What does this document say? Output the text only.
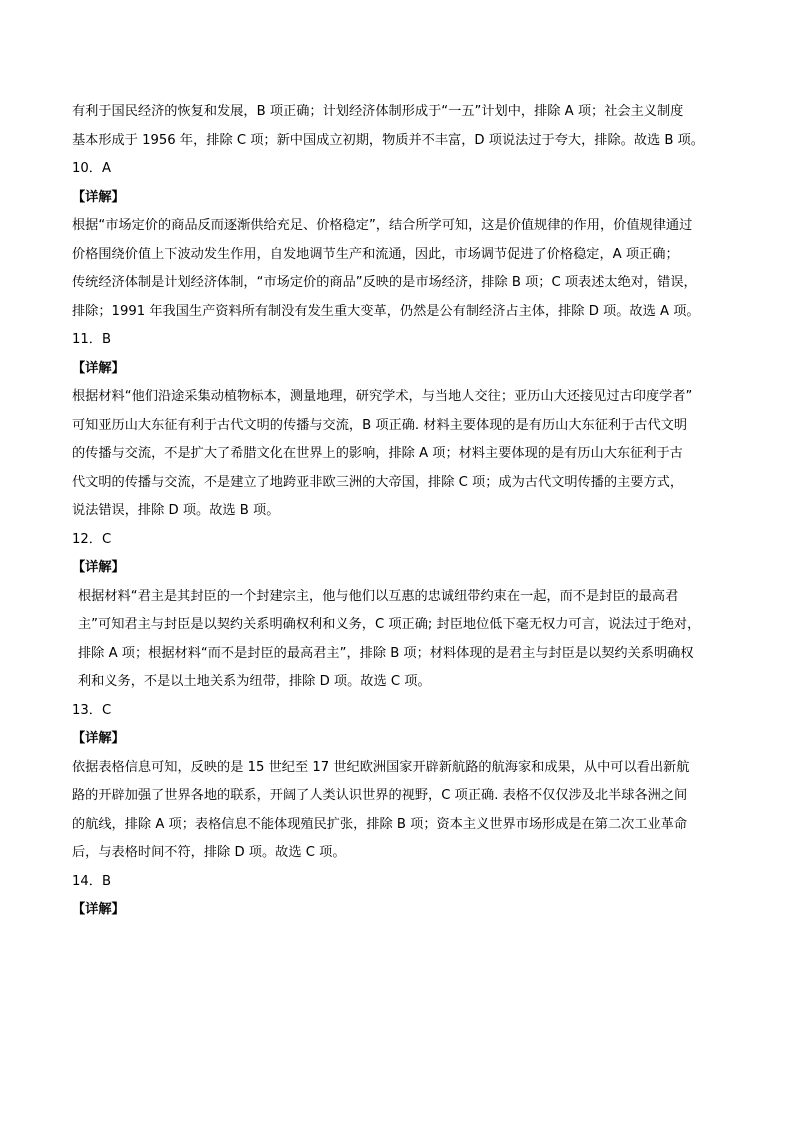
有利于国民经济的恢复和发展，B 项正确；计划经济体制形成于“一五”计划中，排除 A 项；社会主义制度
基本形成于 1956 年，排除 C 项；新中国成立初期，物质并不丰富，D 项说法过于夸大，排除。故选 B 项。
10．A
【详解】
根据“市场定价的商品反而逐渐供给充足、价格稳定”，结合所学可知，这是价值规律的作用，价值规律通过
价格围绕价值上下波动发生作用，自发地调节生产和流通，因此，市场调节促进了价格稳定，A 项正确；
传统经济体制是计划经济体制，“市场定价的商品”反映的是市场经济，排除 B 项；C 项表述太绝对，错误，
排除；1991 年我国生产资料所有制没有发生重大变革，仍然是公有制经济占主体，排除 D 项。故选 A 项。
11．B
【详解】
根据材料“他们沿途采集动植物标本，测量地理，研究学术，与当地人交往；亚历山大还接见过古印度学者”
可知亚历山大东征有利于古代文明的传播与交流，B 项正确. 材料主要体现的是有历山大东征利于古代文明
的传播与交流，不是扩大了希腊文化在世界上的影响，排除 A 项；材料主要体现的是有历山大东征利于古
代文明的传播与交流，不是建立了地跨亚非欧三洲的大帝国，排除 C 项；成为古代文明传播的主要方式，
说法错误，排除 D 项。故选 B 项。
12．C
【详解】
根据材料“君主是其封臣的一个封建宗主，他与他们以互惠的忠诚纽带约束在一起，而不是封臣的最高君
主”可知君主与封臣是以契约关系明确权利和义务，C 项正确; 封臣地位低下毫无权力可言，说法过于绝对，
排除 A 项；根据材料“而不是封臣的最高君主”，排除 B 项；材料体现的是君主与封臣是以契约关系明确权
利和义务，不是以土地关系为纽带，排除 D 项。故选 C 项。
13．C
【详解】
依据表格信息可知，反映的是 15 世纪至 17 世纪欧洲国家开辟新航路的航海家和成果，从中可以看出新航
路的开辟加强了世界各地的联系，开阔了人类认识世界的视野，C 项正确. 表格不仅仅涉及北半球各洲之间
的航线，排除 A 项；表格信息不能体现殖民扩张，排除 B 项；资本主义世界市场形成是在第二次工业革命
后，与表格时间不符，排除 D 项。故选 C 项。
14．B
【详解】
